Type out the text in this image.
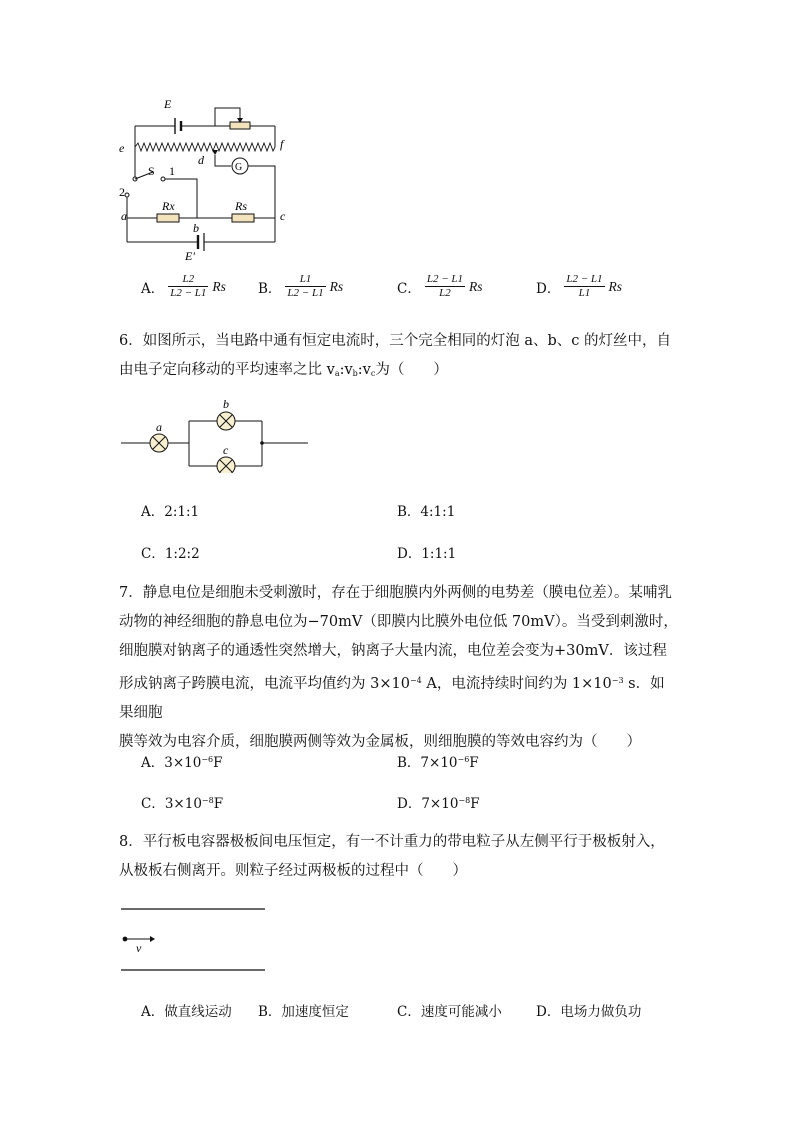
E
e	f
d
G
S 1
2
a
Rx	Rs
c
b
E′
A． $\frac{L2}{L2 - L1}$ Rs B． $\frac{L1}{L2 - L1}$ Rs	C． $\frac{L2 - L1}{L2}$ Rs	D． $\frac{L2 - L1}{L1}$ Rs
6．如图所示，当电路中通有恒定电流时，三个完全相同的灯泡 a、b、c 的灯丝中，自
由电子定向移动的平均速率之比 $v_a:v_b:v_c$为（　　）
a
b
c
A．2:1:1	B．4:1:1
C．1:2:2	D．1:1:1
7．静息电位是细胞未受刺激时，存在于细胞膜内外两侧的电势差（膜电位差）。某哺乳
动物的神经细胞的静息电位为−70mV（即膜内比膜外电位低 70mV）。当受到刺激时，
细胞膜对钠离子的通透性突然增大，钠离子大量内流，电位差会变为+30mV．该过程
形成钠离子跨膜电流，电流平均值约为 $3\times 10^{-4}$ A，电流持续时间约为 $1\times 10^{-3}$ s．如果细胞
膜等效为电容介质，细胞膜两侧等效为金属板，则细胞膜的等效电容约为（　　）
A．$3\times 10^{-6}F$	B．$7\times 10^{-6}F$
C．$3\times 10^{-8}F$	D．$7\times 10^{-8}F$
8．平行板电容器极板间电压恒定，有一不计重力的带电粒子从左侧平行于极板射入，
从极板右侧离开。则粒子经过两极板的过程中（　　）
v
A．做直线运动 B．加速度恒定	C．速度可能减小	D．电场力做负功
